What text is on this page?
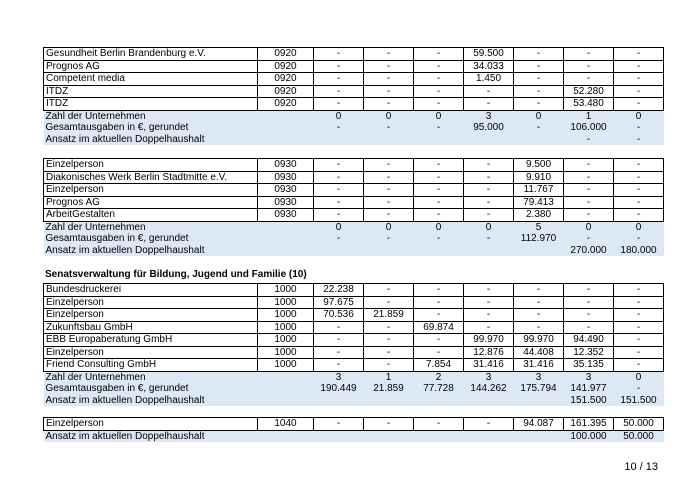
Gesundheit Berlin Brandenburg e.V.	0920	-	-	-	59.500	-	-	-
Prognos AG	0920	-	-	-	34.033	-	-	-
Competent media	0920	-	-	-	1.450	-	-	-
ITDZ	0920	-	-	-	-	-	52.280	-
ITDZ	0920	-	-	-	-	-	53.480	-
Zahl der Unternehmen		0	0	0	3	0	1	0
Gesamtausgaben in €, gerundet		-	-	-	95.000	-	106.000	-
Ansatz im aktuellen Doppelhaushalt							-	-
Einzelperson	0930	-	-	-	-	9.500	-	-
Diakonisches Werk Berlin Stadtmitte e.V.	0930	-	-	-	-	9.910	-	-
Einzelperson	0930	-	-	-	-	11.767	-	-
Prognos AG	0930	-	-	-	-	79.413	-	-
ArbeitGestalten	0930	-	-	-	-	2.380	-	-
Zahl der Unternehmen		0	0	0	0	5	0	0
Gesamtausgaben in €, gerundet		-	-	-	-	112.970	-	-
Ansatz im aktuellen Doppelhaushalt							270.000	180.000
Senatsverwaltung für Bildung, Jugend und Familie (10)
Bundesdruckerei	1000	22.238	-	-	-	-	-	-
Einzelperson	1000	97.675	-	-	-	-	-	-
Einzelperson	1000	70.536	21.859	-	-	-	-	-
Zukunftsbau GmbH	1000	-	-	69.874	-	-	-	-
EBB Europaberatung GmbH	1000	-	-	-	99.970	99.970	94.490	-
Einzelperson	1000	-	-	-	12.876	44.408	12.352	-
Friend Consulting GmbH	1000	-	-	7.854	31.416	31.416	35.135	-
Zahl der Unternehmen		3	1	2	3	3	3	0
Gesamtausgaben in €, gerundet		190.449	21.859	77.728	144.262	175.794	141.977	-
Ansatz im aktuellen Doppelhaushalt							151.500	151.500
Einzelperson	1040	-	-	-	-	94.087	161.395	50.000
Ansatz im aktuellen Doppelhaushalt							100.000	50.000
10 / 13
